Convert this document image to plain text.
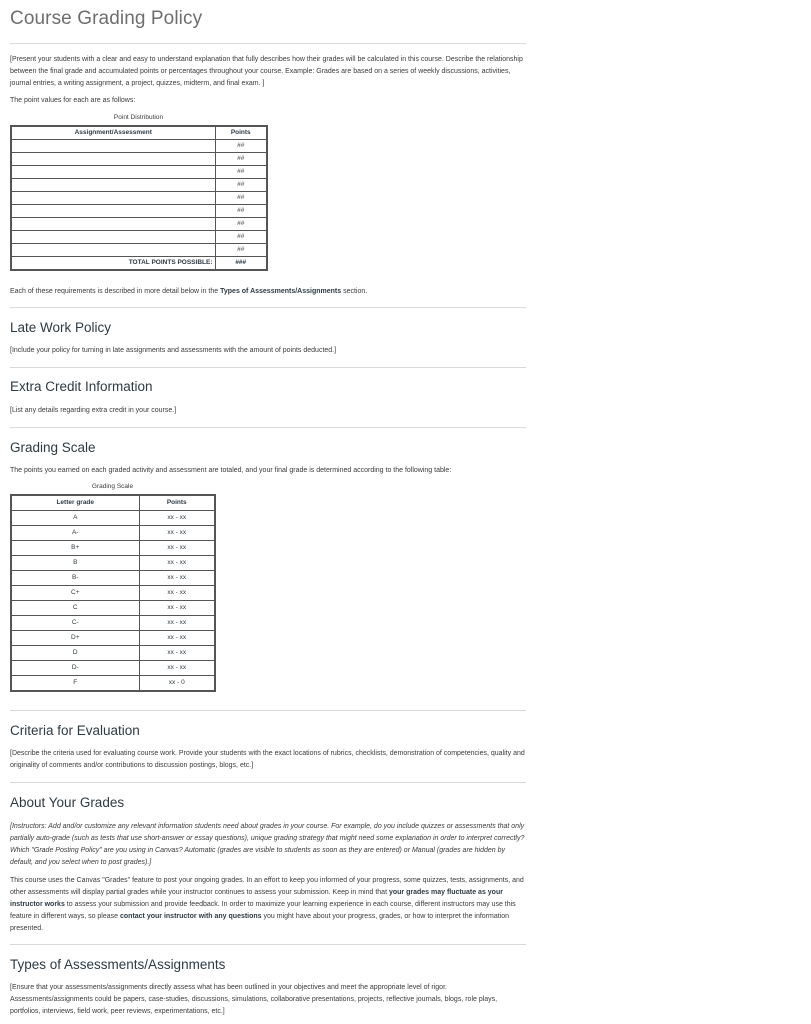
Course Grading Policy

[Present your students with a clear and easy to understand explanation that fully describes how their grades will be calculated in this course. Describe the relationship between the final grade and accumulated points or percentages throughout your course. Example: Grades are based on a series of weekly discussions, activities, journal entries, a writing assignment, a project, quizzes, midterm, and final exam. ]

The point values for each are as follows:

Point Distribution
Assignment/Assessment	Points
	##
	##
	##
	##
	##
	##
	##
	##
	##
TOTAL POINTS POSSIBLE:	###

Each of these requirements is described in more detail below in the Types of Assessments/Assignments section.

Late Work Policy

[Include your policy for turning in late assignments and assessments with the amount of points deducted.]

Extra Credit Information

[List any details regarding extra credit in your course.]

Grading Scale

The points you earned on each graded activity and assessment are totaled, and your final grade is determined according to the following table:

Grading Scale
Letter grade	Points
A	xx - xx
A-	xx - xx
B+	xx - xx
B	xx - xx
B-	xx - xx
C+	xx - xx
C	xx - xx
C-	xx - xx
D+	xx - xx
D	xx - xx
D-	xx - xx
F	xx - 0
Criteria for Evaluation

[Describe the criteria used for evaluating course work. Provide your students with the exact locations of rubrics, checklists, demonstration of competencies, quality and originality of comments and/or contributions to discussion postings, blogs, etc.]

About Your Grades

[Instructors: Add and/or customize any relevant information students need about grades in your course. For example, do you include quizzes or assessments that only partially auto-grade (such as tests that use short-answer or essay questions), unique grading strategy that might need some explanation in order to interpret correctly? Which "Grade Posting Policy" are you using in Canvas? Automatic (grades are visible to students as soon as they are entered) or Manual (grades are hidden by default, and you select when to post grades).]

This course uses the Canvas "Grades" feature to post your ongoing grades. In an effort to keep you informed of your progress, some quizzes, tests, assignments, and other assessments will display partial grades while your instructor continues to assess your submission. Keep in mind that your grades may fluctuate as your instructor works to assess your submission and provide feedback. In order to maximize your learning experience in each course, different instructors may use this feature in different ways, so please contact your instructor with any questions you might have about your progress, grades, or how to interpret the information presented.

Types of Assessments/Assignments

[Ensure that your assessments/assignments directly assess what has been outlined in your objectives and meet the appropriate level of rigor. Assessments/assignments could be papers, case-studies, discussions, simulations, collaborative presentations, projects, reflective journals, blogs, role plays, portfolios, interviews, field work, peer reviews, experimentations, etc.]
